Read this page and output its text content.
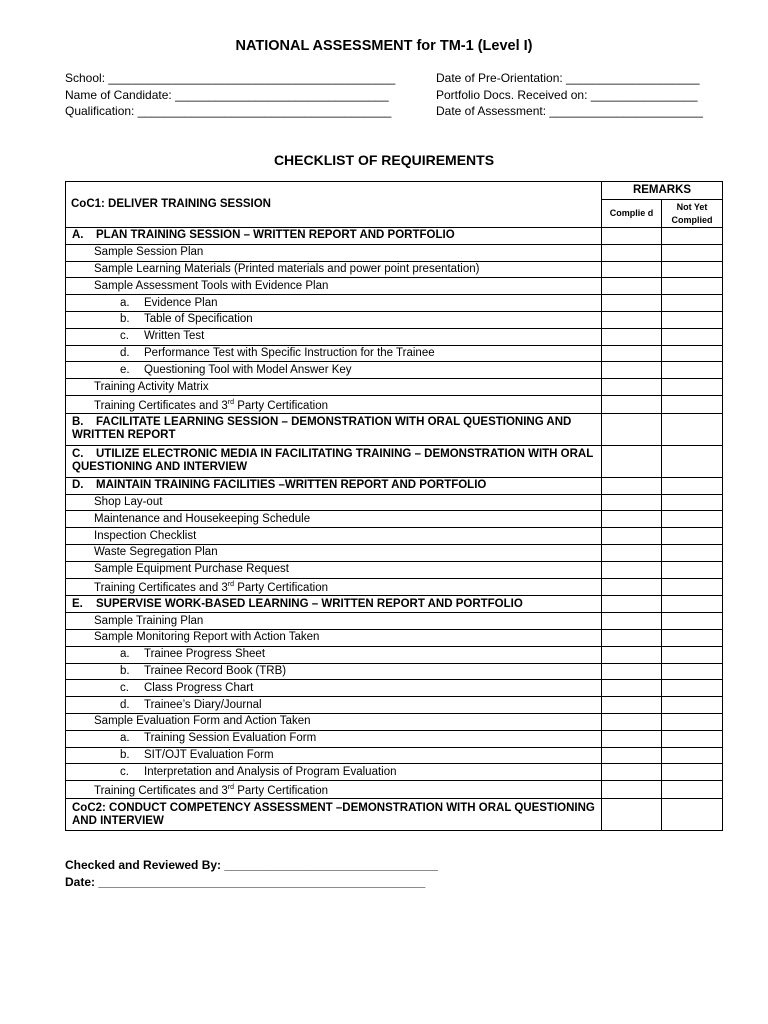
NATIONAL ASSESSMENT for TM-1 (Level I)
School: ___________________________________________
Name of Candidate: ________________________________
Qualification: ______________________________________
Date of Pre-Orientation: ____________________
Portfolio Docs. Received on: ________________
Date of Assessment: _______________________
CHECKLIST OF REQUIREMENTS
CoC1: DELIVER TRAINING SESSION	REMARKS	
	Complie d	Not Yet Complied
A. PLAN TRAINING SESSION – WRITTEN REPORT AND PORTFOLIO		
Sample Session Plan		
Sample Learning Materials (Printed materials and power point presentation)		
Sample Assessment Tools with Evidence Plan		
a. Evidence Plan		
b. Table of Specification		
c. Written Test		
d. Performance Test with Specific Instruction for the Trainee		
e. Questioning Tool with Model Answer Key		
Training Activity Matrix		
Training Certificates and 3rd Party Certification		
B. FACILITATE LEARNING SESSION – DEMONSTRATION WITH ORAL QUESTIONING AND WRITTEN REPORT		
C. UTILIZE ELECTRONIC MEDIA IN FACILITATING TRAINING – DEMONSTRATION WITH ORAL QUESTIONING AND INTERVIEW		
D. MAINTAIN TRAINING FACILITIES –WRITTEN REPORT AND PORTFOLIO		
Shop Lay-out		
Maintenance and Housekeeping Schedule		
Inspection Checklist		
Waste Segregation Plan		
Sample Equipment Purchase Request		
Training Certificates and 3rd Party Certification		
E. SUPERVISE WORK-BASED LEARNING – WRITTEN REPORT AND PORTFOLIO		
Sample Training Plan		
Sample Monitoring Report with Action Taken		
a. Trainee Progress Sheet		
b. Trainee Record Book (TRB)		
c. Class Progress Chart		
d. Trainee’s Diary/Journal		
Sample Evaluation Form and Action Taken		
a. Training Session Evaluation Form		
b. SIT/OJT Evaluation Form		
c. Interpretation and Analysis of Program Evaluation		
Training Certificates and 3rd Party Certification		
CoC2: CONDUCT COMPETENCY ASSESSMENT –DEMONSTRATION WITH ORAL QUESTIONING AND INTERVIEW		
Checked and Reviewed By: ________________________________
Date: _________________________________________________
